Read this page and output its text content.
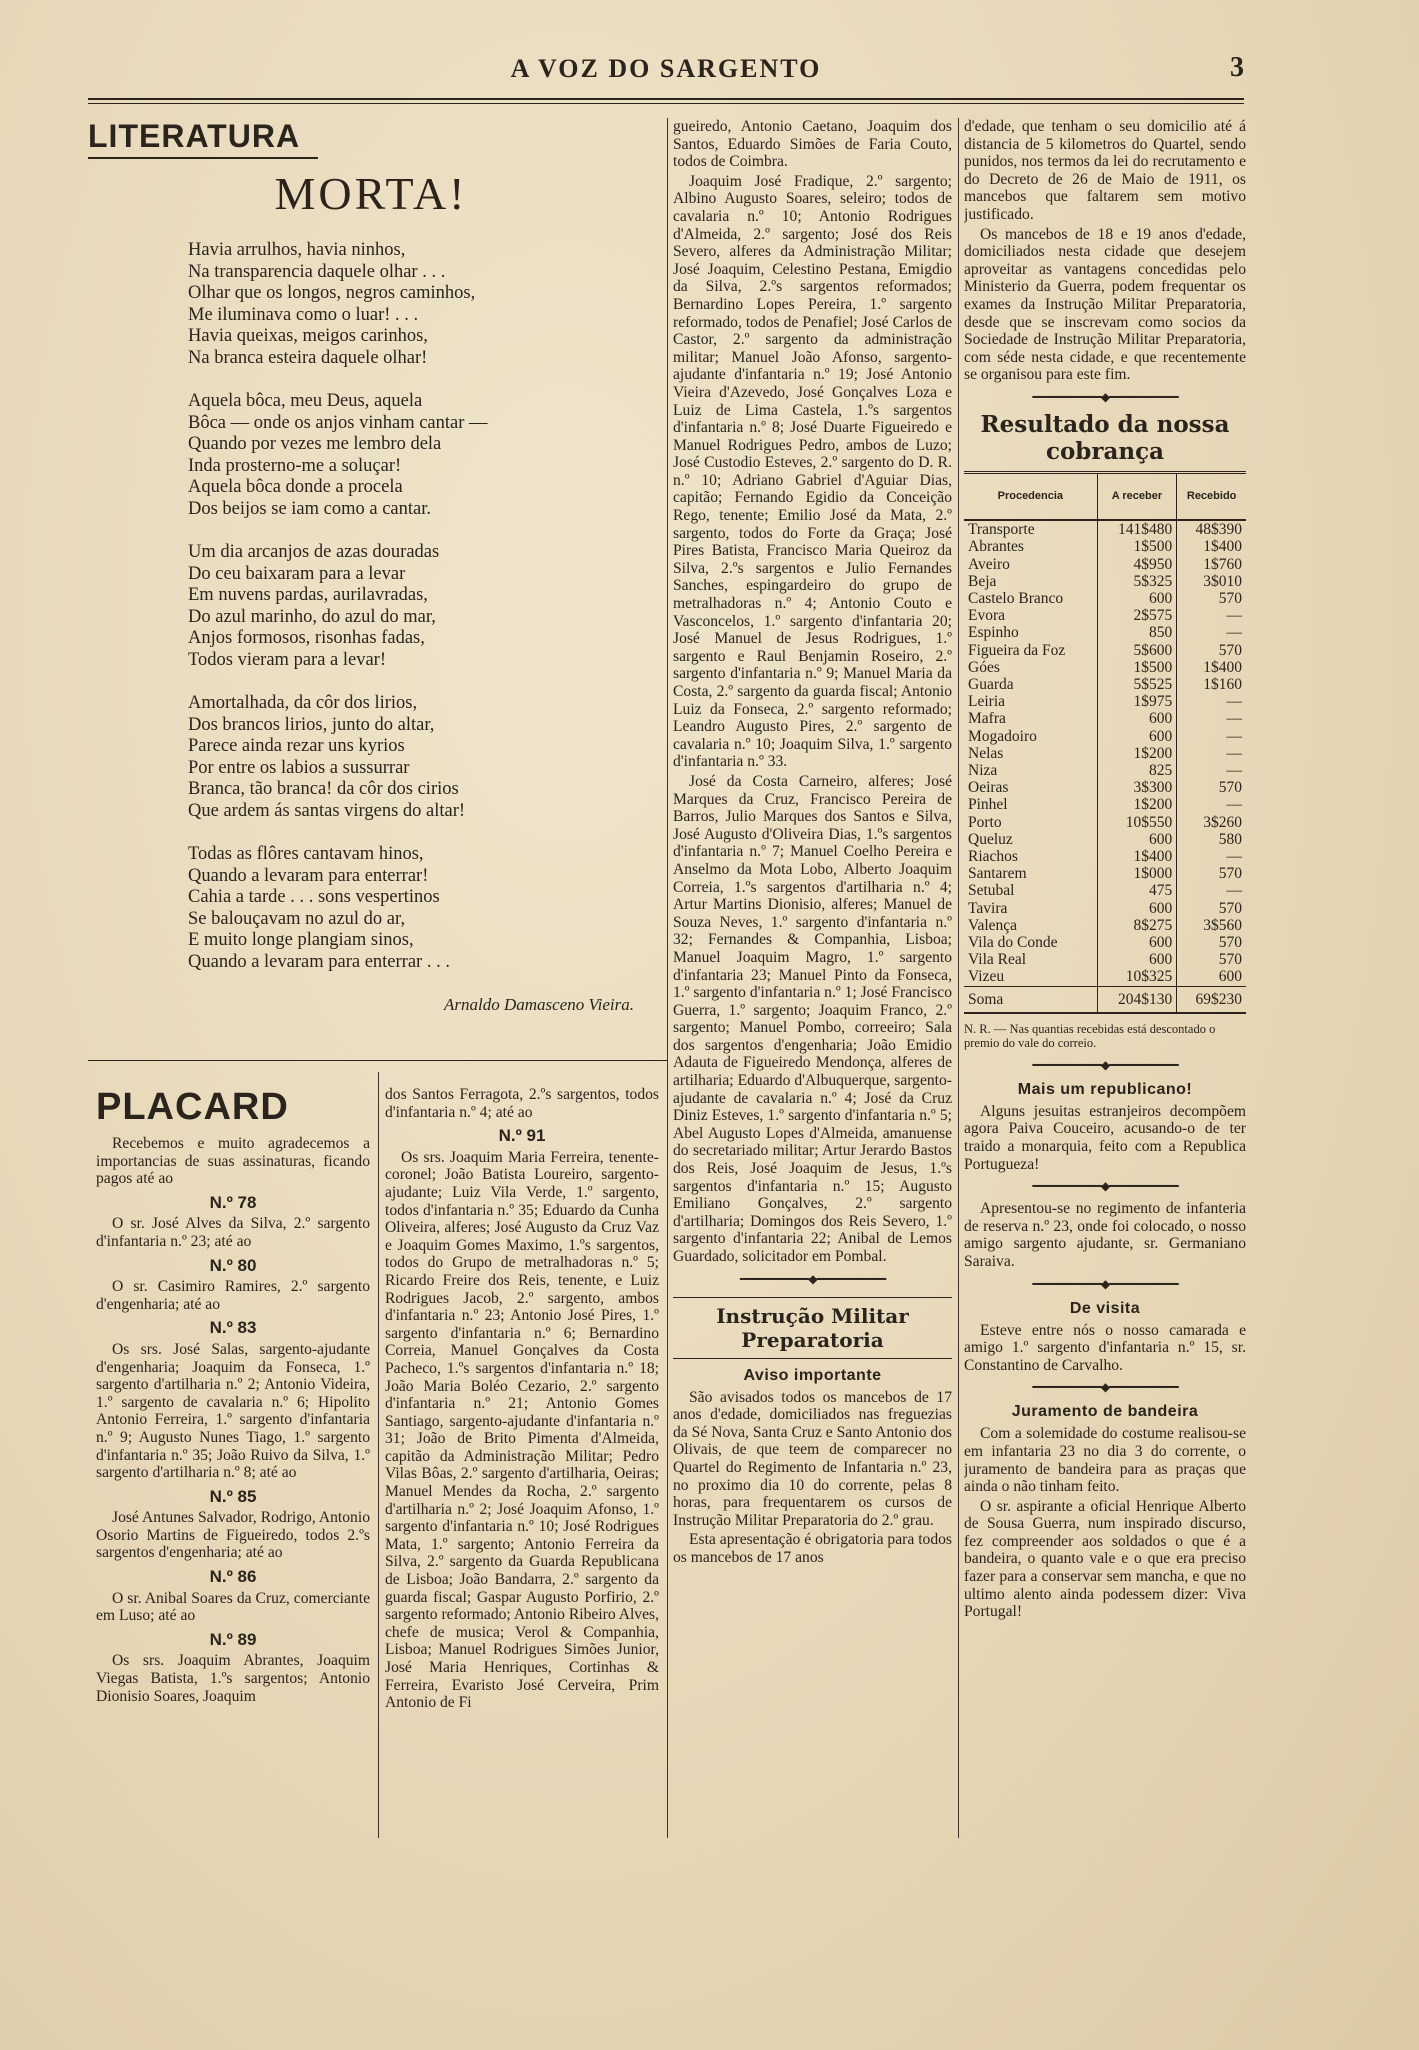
A VOZ DO SARGENTO	3
LITERATURA
MORTA!
Havia arrulhos, havia ninhos,
Na transparencia daquele olhar . . .
Olhar que os longos, negros caminhos,
Me iluminava como o luar! . . .
Havia queixas, meigos carinhos,
Na branca esteira daquele olhar!
Aquela bôca, meu Deus, aquela
Bôca — onde os anjos vinham cantar —
Quando por vezes me lembro dela
Inda prosterno-me a soluçar!
Aquela bôca donde a procela
Dos beijos se iam como a cantar.
Um dia arcanjos de azas douradas
Do ceu baixaram para a levar
Em nuvens pardas, aurilavradas,
Do azul marinho, do azul do mar,
Anjos formosos, risonhas fadas,
Todos vieram para a levar!
Amortalhada, da côr dos lirios,
Dos brancos lirios, junto do altar,
Parece ainda rezar uns kyrios
Por entre os labios a sussurrar
Branca, tão branca! da côr dos cirios
Que ardem ás santas virgens do altar!
Todas as flôres cantavam hinos,
Quando a levaram para enterrar!
Cahia a tarde . . . sons vespertinos
Se balouçavam no azul do ar,
E muito longe plangiam sinos,
Quando a levaram para enterrar . . .
Arnaldo Damasceno Vieira.
PLACARD

Recebemos e muito agradecemos a importancias de suas assinaturas, ficando pagos até ao

N.º 78

O sr. José Alves da Silva, 2.º sargento d'infantaria n.º 23; até ao

N.º 80

O sr. Casimiro Ramires, 2.º sargento d'engenharia; até ao

N.º 83

Os srs. José Salas, sargento-ajudante d'engenharia; Joaquim da Fonseca, 1.º sargento d'artilharia n.º 2; Antonio Videira, 1.º sargento de cavalaria n.º 6; Hipolito Antonio Ferreira, 1.º sargento d'infantaria n.º 9; Augusto Nunes Tiago, 1.º sargento d'infantaria n.º 35; João Ruivo da Silva, 1.º sargento d'artilharia n.º 8; até ao

N.º 85

José Antunes Salvador, Rodrigo, Antonio Osorio Martins de Figueiredo, todos 2.ºs sargentos d'engenharia; até ao

N.º 86

O sr. Anibal Soares da Cruz, comerciante em Luso; até ao

N.º 89

Os srs. Joaquim Abrantes, Joaquim Viegas Batista, 1.ºs sargentos; Antonio Dionisio Soares, Joaquim

dos Santos Ferragota, 2.ºs sargentos, todos d'infantaria n.º 4; até ao

N.º 91

Os srs. Joaquim Maria Ferreira, tenente-coronel; João Batista Loureiro, sargento-ajudante; Luiz Vila Verde, 1.º sargento, todos d'infantaria n.º 35; Eduardo da Cunha Oliveira, alferes; José Augusto da Cruz Vaz e Joaquim Gomes Maximo, 1.ºs sargentos, todos do Grupo de metralhadoras n.º 5; Ricardo Freire dos Reis, tenente, e Luiz Rodrigues Jacob, 2.º sargento, ambos d'infantaria n.º 23; Antonio José Pires, 1.º sargento d'infantaria n.º 6; Bernardino Correia, Manuel Gonçalves da Costa Pacheco, 1.ºs sargentos d'infantaria n.º 18; João Maria Boléo Cezario, 2.º sargento d'infantaria n.º 21; Antonio Gomes Santiago, sargento-ajudante d'infantaria n.º 31; João de Brito Pimenta d'Almeida, capitão da Administração Militar; Pedro Vilas Bôas, 2.º sargento d'artilharia, Oeiras; Manuel Mendes da Rocha, 2.º sargento d'artilharia n.º 2; José Joaquim Afonso, 1.º sargento d'infantaria n.º 10; José Rodrigues Mata, 1.º sargento; Antonio Ferreira da Silva, 2.º sargento da Guarda Republicana de Lisboa; João Bandarra, 2.º sargento da guarda fiscal; Gaspar Augusto Porfirio, 2.º sargento reformado; Antonio Ribeiro Alves, chefe de musica; Verol & Companhia, Lisboa; Manuel Rodrigues Simões Junior, José Maria Henriques, Cortinhas & Ferreira, Evaristo José Cerveira, Prim Antonio de Fi

gueiredo, Antonio Caetano, Joaquim dos Santos, Eduardo Simões de Faria Couto, todos de Coimbra.

Joaquim José Fradique, 2.º sargento; Albino Augusto Soares, seleiro; todos de cavalaria n.º 10; Antonio Rodrigues d'Almeida, 2.º sargento; José dos Reis Severo, alferes da Administração Militar; José Joaquim, Celestino Pestana, Emigdio da Silva, 2.ºs sargentos reformados; Bernardino Lopes Pereira, 1.º sargento reformado, todos de Penafiel; José Carlos de Castor, 2.º sargento da administração militar; Manuel João Afonso, sargento-ajudante d'infantaria n.º 19; José Antonio Vieira d'Azevedo, José Gonçalves Loza e Luiz de Lima Castela, 1.ºs sargentos d'infantaria n.º 8; José Duarte Figueiredo e Manuel Rodrigues Pedro, ambos de Luzo; José Custodio Esteves, 2.º sargento do D. R. n.º 10; Adriano Gabriel d'Aguiar Dias, capitão; Fernando Egidio da Conceição Rego, tenente; Emilio José da Mata, 2.º sargento, todos do Forte da Graça; José Pires Batista, Francisco Maria Queiroz da Silva, 2.ºs sargentos e Julio Fernandes Sanches, espingardeiro do grupo de metralhadoras n.º 4; Antonio Couto e Vasconcelos, 1.º sargento d'infantaria 20; José Manuel de Jesus Rodrigues, 1.º sargento e Raul Benjamin Roseiro, 2.º sargento d'infantaria n.º 9; Manuel Maria da Costa, 2.º sargento da guarda fiscal; Antonio Luiz da Fonseca, 2.º sargento reformado; Leandro Augusto Pires, 2.º sargento de cavalaria n.º 10; Joaquim Silva, 1.º sargento d'infantaria n.º 33.

José da Costa Carneiro, alferes; José Marques da Cruz, Francisco Pereira de Barros, Julio Marques dos Santos e Silva, José Augusto d'Oliveira Dias, 1.ºs sargentos d'infantaria n.º 7; Manuel Coelho Pereira e Anselmo da Mota Lobo, Alberto Joaquim Correia, 1.ºs sargentos d'artilharia n.º 4; Artur Martins Dionisio, alferes; Manuel de Souza Neves, 1.º sargento d'infantaria n.º 32; Fernandes & Companhia, Lisboa; Manuel Joaquim Magro, 1.º sargento d'infantaria 23; Manuel Pinto da Fonseca, 1.º sargento d'infantaria n.º 1; José Francisco Guerra, 1.º sargento; Joaquim Franco, 2.º sargento; Manuel Pombo, correeiro; Sala dos sargentos d'engenharia; João Emidio Adauta de Figueiredo Mendonça, alferes de artilharia; Eduardo d'Albuquerque, sargento-ajudante de cavalaria n.º 4; José da Cruz Diniz Esteves, 1.º sargento d'infantaria n.º 5; Abel Augusto Lopes d'Almeida, amanuense do secretariado militar; Artur Jerardo Bastos dos Reis, José Joaquim de Jesus, 1.ºs sargentos d'infantaria n.º 15; Augusto Emiliano Gonçalves, 2.º sargento d'artilharia; Domingos dos Reis Severo, 1.º sargento d'infantaria 22; Anibal de Lemos Guardado, solicitador em Pombal.

━━━━━━━━━━━◆━━━━━━━━━━━
Instrução Militar Preparatoria
Aviso importante

São avisados todos os mancebos de 17 anos d'edade, domiciliados nas freguezias da Sé Nova, Santa Cruz e Santo Antonio dos Olivais, de que teem de comparecer no Quartel do Regimento de Infantaria n.º 23, no proximo dia 10 do corrente, pelas 8 horas, para frequentarem os cursos de Instrução Militar Preparatoria do 2.º grau.

Esta apresentação é obrigatoria para todos os mancebos de 17 anos

d'edade, que tenham o seu domicilio até á distancia de 5 kilometros do Quartel, sendo punidos, nos termos da lei do recrutamento e do Decreto de 26 de Maio de 1911, os mancebos que faltarem sem motivo justificado.

Os mancebos de 18 e 19 anos d'edade, domiciliados nesta cidade que desejem aproveitar as vantagens concedidas pelo Ministerio da Guerra, podem frequentar os exames da Instrução Militar Preparatoria, desde que se inscrevam como socios da Sociedade de Instrução Militar Preparatoria, com séde nesta cidade, e que recentemente se organisou para este fim.

━━━━━━━━━━━◆━━━━━━━━━━━
Resultado da nossa cobrança
Procedencia	A receber	Recebido
Transporte	141$480	48$390
Abrantes	1$500	1$400
Aveiro	4$950	1$760
Beja	5$325	3$010
Castelo Branco	600	570
Evora	2$575	—
Espinho	850	—
Figueira da Foz	5$600	570
Góes	1$500	1$400
Guarda	5$525	1$160
Leiria	1$975	—
Mafra	600	—
Mogadoiro	600	—
Nelas	1$200	—
Niza	825	—
Oeiras	3$300	570
Pinhel	1$200	—
Porto	10$550	3$260
Queluz	600	580
Riachos	1$400	—
Santarem	1$000	570
Setubal	475	—
Tavira	600	570
Valença	8$275	3$560
Vila do Conde	600	570
Vila Real	600	570
Vizeu	10$325	600
Soma	204$130	69$230
N. R. — Nas quantias recebidas está descontado o premio do vale do correio.
━━━━━━━━━━━◆━━━━━━━━━━━
Mais um republicano!

Alguns jesuitas estranjeiros decompõem agora Paiva Couceiro, acusando-o de ter traido a monarquia, feito com a Republica Portugueza!

━━━━━━━━━━━◆━━━━━━━━━━━

Apresentou-se no regimento de infanteria de reserva n.º 23, onde foi colocado, o nosso amigo sargento ajudante, sr. Germaniano Saraiva.

━━━━━━━━━━━◆━━━━━━━━━━━
De visita

Esteve entre nós o nosso camarada e amigo 1.º sargento d'infantaria n.º 15, sr. Constantino de Carvalho.

━━━━━━━━━━━◆━━━━━━━━━━━
Juramento de bandeira

Com a solemidade do costume realisou-se em infantaria 23 no dia 3 do corrente, o juramento de bandeira para as praças que ainda o não tinham feito.

O sr. aspirante a oficial Henrique Alberto de Sousa Guerra, num inspirado discurso, fez compreender aos soldados o que é a bandeira, o quanto vale e o que era preciso fazer para a conservar sem mancha, e que no ultimo alento ainda podessem dizer: Viva Portugal!
